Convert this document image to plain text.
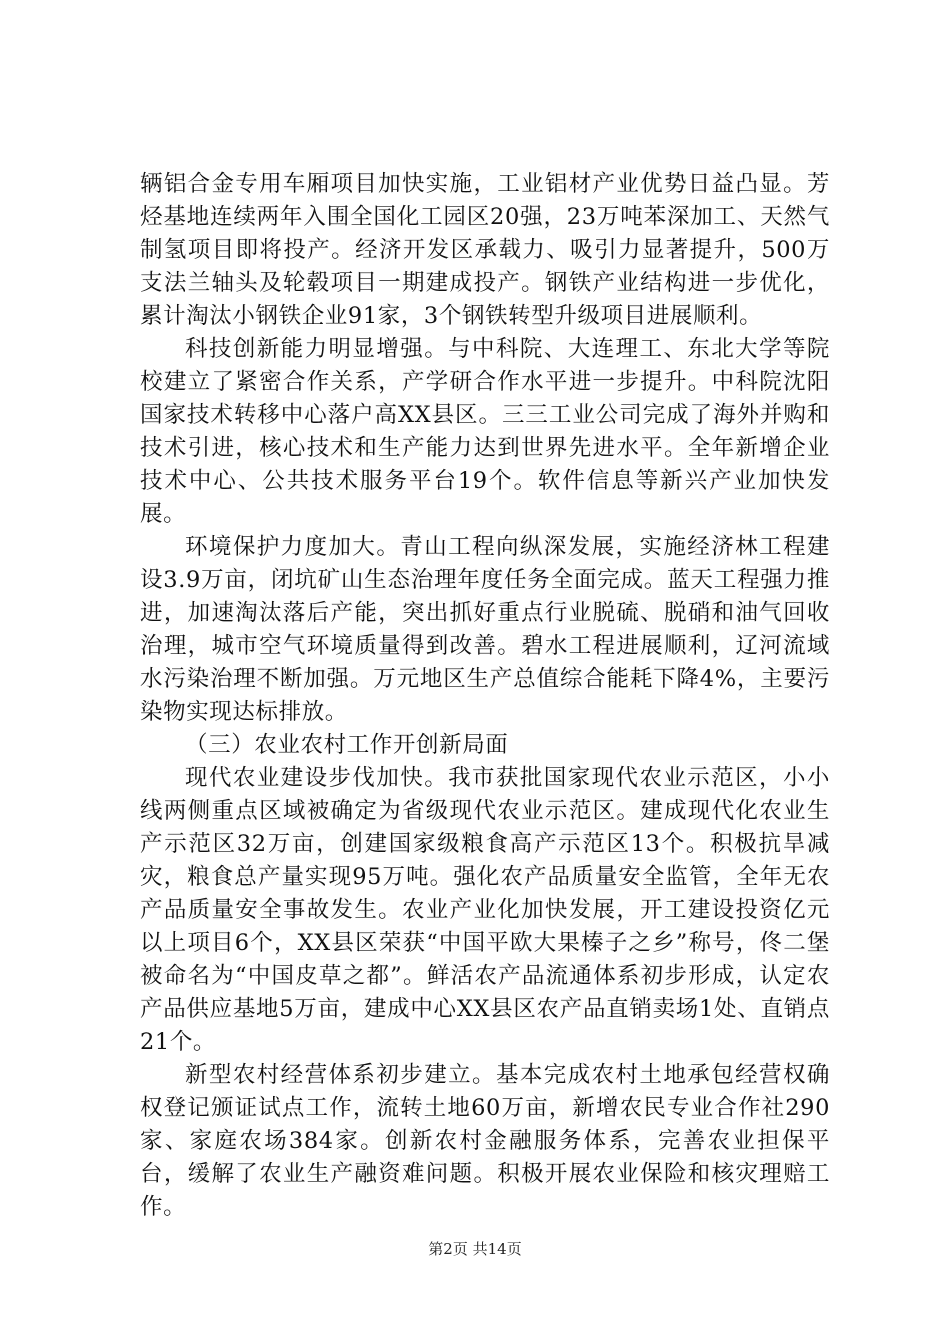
辆铝合金专用车厢项目加快实施，工业铝材产业优势日益凸显。芳烃基地连续两年入围全国化工园区20强，23万吨苯深加工、天然气制氢项目即将投产。经济开发区承载力、吸引力显著提升，500万支法兰轴头及轮毂项目一期建成投产。钢铁产业结构进一步优化，累计淘汰小钢铁企业91家，3个钢铁转型升级项目进展顺利。

科技创新能力明显增强。与中科院、大连理工、东北大学等院校建立了紧密合作关系，产学研合作水平进一步提升。中科院沈阳国家技术转移中心落户高XX县区。三三工业公司完成了海外并购和技术引进，核心技术和生产能力达到世界先进水平。全年新增企业技术中心、公共技术服务平台19个。软件信息等新兴产业加快发展。

环境保护力度加大。青山工程向纵深发展，实施经济林工程建设3.9万亩，闭坑矿山生态治理年度任务全面完成。蓝天工程强力推进，加速淘汰落后产能，突出抓好重点行业脱硫、脱硝和油气回收治理，城市空气环境质量得到改善。碧水工程进展顺利，辽河流域水污染治理不断加强。万元地区生产总值综合能耗下降4%，主要污染物实现达标排放。

（三）农业农村工作开创新局面

现代农业建设步伐加快。我市获批国家现代农业示范区，小小线两侧重点区域被确定为省级现代农业示范区。建成现代化农业生产示范区32万亩，创建国家级粮食高产示范区13个。积极抗旱减灾，粮食总产量实现95万吨。强化农产品质量安全监管，全年无农产品质量安全事故发生。农业产业化加快发展，开工建设投资亿元以上项目6个，XX县区荣获“中国平欧大果榛子之乡”称号，佟二堡被命名为“中国皮草之都”。鲜活农产品流通体系初步形成，认定农产品供应基地5万亩，建成中心XX县区农产品直销卖场1处、直销点21个。

新型农村经营体系初步建立。基本完成农村土地承包经营权确权登记颁证试点工作，流转土地60万亩，新增农民专业合作社290家、家庭农场384家。创新农村金融服务体系，完善农业担保平台，缓解了农业生产融资难问题。积极开展农业保险和核灾理赔工作。

第2页 共14页
